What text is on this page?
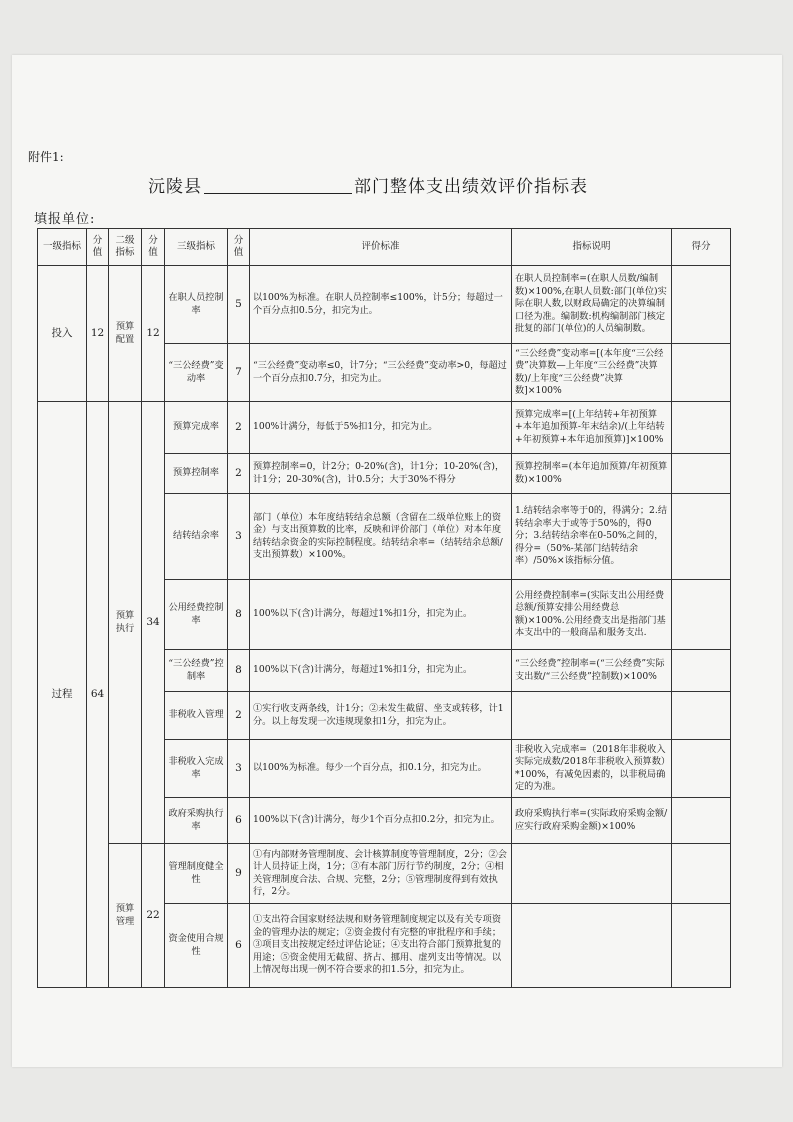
附件1:
沅陵县	部门整体支出绩效评价指标表
填报单位:
一级指标	分值	二级指标	分值	三级指标	分值	评价标准	指标说明	得分
投入	12	预算配置	12	在职人员控制率	5	以100%为标准。在职人员控制率≤100%，计5分；每超过一个百分点扣0.5分，扣完为止。	在职人员控制率=(在职人员数/编制数)×100%,在职人员数:部门(单位)实际在职人数,以财政局确定的决算编制口径为准。编制数:机构编制部门核定批复的部门(单位)的人员编制数。	
				“三公经费”变动率	7	“三公经费”变动率≤0，计7分；“三公经费”变动率>0，每超过一个百分点扣0.7分，扣完为止。	“三公经费”变动率=[(本年度“三公经费”决算数—上年度“三公经费”决算数)/上年度“三公经费”决算数]×100%	
过程	64	预算执行	34	预算完成率	2	100%计满分，每低于5%扣1分，扣完为止。	预算完成率=[(上年结转+年初预算+本年追加预算-年末结余)/(上年结转+年初预算+本年追加预算)]×100%	
				预算控制率	2	预算控制率=0，计2分；0-20%(含)，计1分；10-20%(含)，计1分；20-30%(含)，计0.5分；大于30%不得分	预算控制率=(本年追加预算/年初预算数)×100%	
				结转结余率	3	部门（单位）本年度结转结余总额（含留在二级单位账上的资金）与支出预算数的比率，反映和评价部门（单位）对本年度结转结余资金的实际控制程度。结转结余率=（结转结余总额/支出预算数）×100%。	1.结转结余率等于0的，得满分；2.结转结余率大于或等于50%的，得0分；3.结转结余率在0-50%之间的，得分=（50%-某部门结转结余率）/50%×该指标分值。	
				公用经费控制率	8	100%以下(含)计满分，每超过1%扣1分，扣完为止。	公用经费控制率=(实际支出公用经费总额/预算安排公用经费总额)×100%.公用经费支出是指部门基本支出中的一般商品和服务支出.	
				“三公经费”控制率	8	100%以下(含)计满分，每超过1%扣1分，扣完为止。	“三公经费”控制率=(“三公经费”实际支出数/“三公经费”控制数)×100%	
				非税收入管理	2	①实行收支两条线，计1分；②未发生截留、坐支或转移，计1分。以上每发现一次违规现象扣1分，扣完为止。		
				非税收入完成率	3	以100%为标准。每少一个百分点，扣0.1分，扣完为止。	非税收入完成率=（2018年非税收入实际完成数/2018年非税收入预算数）*100%，有减免因素的，以非税局确定的为准。	
				政府采购执行率	6	100%以下(含)计满分，每少1个百分点扣0.2分，扣完为止。	政府采购执行率=(实际政府采购金额/应实行政府采购金额)×100%	
		预算管理	22	管理制度健全性	9	①有内部财务管理制度、会计核算制度等管理制度，2分；②会计人员持证上岗，1分；③有本部门厉行节约制度，2分；④相关管理制度合法、合规、完整，2分；⑤管理制度得到有效执行，2分。		
				资金使用合规性	6	①支出符合国家财经法规和财务管理制度规定以及有关专项资金的管理办法的规定；②资金拨付有完整的审批程序和手续；③项目支出按规定经过评估论证；④支出符合部门预算批复的用途；⑤资金使用无截留、挤占、挪用、虚列支出等情况。以上情况每出现一例不符合要求的扣1.5分，扣完为止。		
